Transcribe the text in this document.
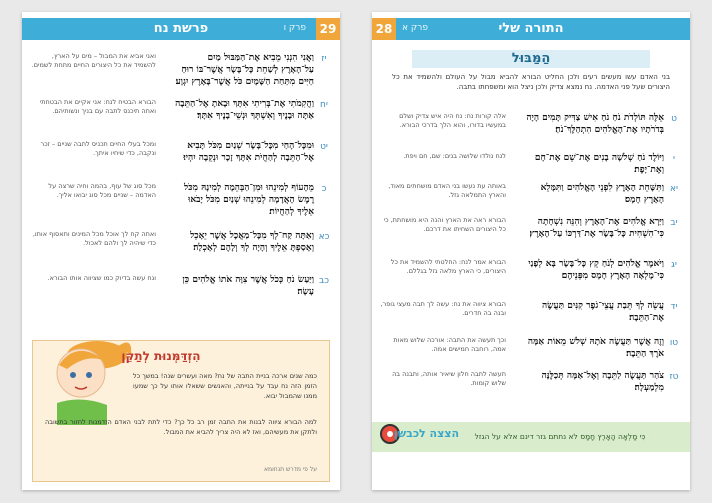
29
פרק ו
פרשת נח
יז
וַאֲנִי הִנְנִי מֵבִיא אֶת־הַמַּבּוּל מַיִם עַל־הָאָרֶץ לְשַׁחֵת כָּל־בָּשָׂר אֲשֶׁר־בּוֹ רוּחַ חַיִּים מִתַּחַת הַשָּׁמָיִם כֹּל אֲשֶׁר־בָּאָרֶץ יִגְוָע׃
ואני אביא את המבול – מים על הארץ, להשמיד את כל היצורים החיים מתחת לשמים.
יח
וַהֲקִמֹתִי אֶת־בְּרִיתִי אִתָּךְ וּבָאתָ אֶל־הַתֵּבָה אַתָּה וּבָנֶיךָ וְאִשְׁתְּךָ וּנְשֵׁי־בָנֶיךָ אִתָּךְ׃
הבורא הבטיח לנח: אני אקיים את הבטחתי ואתה תיכנס לתבה עם בניך ונשותיהם.
יט
וּמִכָּל־הָחַי מִכָּל־בָּשָׂר שְׁנַיִם מִכֹּל תָּבִיא אֶל־הַתֵּבָה לְהַחֲיֹת אִתָּךְ זָכָר וּנְקֵבָה יִהְיוּ׃
ומכל בעלי החיים תכניס לתבה שניים – זכר ונקבה, כדי שיחיו איתך.
כ
מֵהָעוֹף לְמִינֵהוּ וּמִן־הַבְּהֵמָה לְמִינָהּ מִכֹּל רֶמֶשׂ הָאֲדָמָה לְמִינֵהוּ שְׁנַיִם מִכֹּל יָבֹאוּ אֵלֶיךָ לְהַחֲיוֹת׃
מכל סוג של עוף, בהמה וחיה שרצה על האדמה – שניים מכל סוג יבואו אליך.
כא
וְאַתָּה קַח־לְךָ מִכָּל־מַאֲכָל אֲשֶׁר יֵאָכֵל וְאָסַפְתָּ אֵלֶיךָ וְהָיָה לְךָ וְלָהֶם לְאָכְלָה׃
ואתה קח לך אוכל מכל המינים ותאסוף אותו, כדי שיהיה לך ולהם לאכול.
כב
וַיַּעַשׂ נֹחַ כְּכֹל אֲשֶׁר צִוָּה אֹתוֹ אֱלֹהִים כֵּן עָשָׂה׃
ונח עשה בדיוק כמו שציווה אותו הבורא.
הִזְדַּמְּנוּת לְתַקֵּן
כמה שנים ארכה בניית התבה של נח? מאה ועשרים שנה! במשך כל הזמן הזה נח עבד על בנייתה, והאנשים ששאלו אותו על כך שמעו ממנו שהמבול יבוא.
למה הבורא ציווה לבנות את התבה זמן רב כל כך? כדי לתת לבני האדם הזדמנות לחזור בתשובה ולתקן את מעשיהם, ואז לא היה צריך להביא את המבול.
על פי מדרש תנחומא
28	פרק א	התורה שלי
הַמַּבּוּל
בני האדם עשו מעשים רעים ולכן החליט הבורא להביא מבול על העולם ולהשמיד את כל היצורים שעל פני האדמה. נח נמצא צדיק ולכן ניצל הוא ומשפחתו בתבה.
ט
אֵלֶּה תּוֹלְדֹת נֹחַ נֹחַ אִישׁ צַדִּיק תָּמִים הָיָה בְּדֹרֹתָיו אֶת־הָאֱלֹהִים הִתְהַלֶּךְ־נֹחַ׃
אלה קורות נח: נח היה איש צדיק ושלם במעשיו בדורו, והוא הלך בדרכי הבורא.
י
וַיּוֹלֶד נֹחַ שְׁלֹשָׁה בָנִים אֶת־שֵׁם אֶת־חָם וְאֶת־יָפֶת׃
לנח נולדו שלושה בנים: שם, חם ויפת.
יא
וַתִּשָּׁחֵת הָאָרֶץ לִפְנֵי הָאֱלֹהִים וַתִּמָּלֵא הָאָרֶץ חָמָס׃
באותה עת נעשו בני האדם מושחתים מאוד, והארץ התמלאה גזל.
יב
וַיַּרְא אֱלֹהִים אֶת־הָאָרֶץ וְהִנֵּה נִשְׁחָתָה כִּי־הִשְׁחִית כָּל־בָּשָׂר אֶת־דַּרְכּוֹ עַל־הָאָרֶץ׃
הבורא ראה את הארץ והנה היא מושחתת, כי כל היצורים השחיתו את דרכם.
יג
וַיֹּאמֶר אֱלֹהִים לְנֹחַ קֵץ כָּל־בָּשָׂר בָּא לְפָנַי כִּי־מָלְאָה הָאָרֶץ חָמָס מִפְּנֵיהֶם׃
הבורא אמר לנח: החלטתי להשמיד את כל היצורים, כי הארץ מלאה גזל בגללם.
יד
עֲשֵׂה לְךָ תֵּבַת עֲצֵי־גֹפֶר קִנִּים תַּעֲשֶׂה אֶת־הַתֵּבָה׃
הבורא ציווה את נח: עשה לך תבה מעצי גופר, ובנה בה חדרים.
טו
וְזֶה אֲשֶׁר תַּעֲשֶׂה אֹתָהּ שְׁלֹשׁ מֵאוֹת אַמָּה אֹרֶךְ הַתֵּבָה׃
וכך תעשה את התבה: אורכה שלוש מאות אמה, רוחבה חמישים אמה.
טז
צֹהַר תַּעֲשֶׂה לַתֵּבָה וְאֶל־אַמָּה תְּכַלֶּנָּה מִלְמַעְלָה׃
תעשה לתבה חלון שיאיר אותה, ותבנה בה שלוש קומות.
הצצה לכבשן	כִּי מָלְאָה הָאָרֶץ חָמָס לא נחתם גזר דינם אלא על הגזל
